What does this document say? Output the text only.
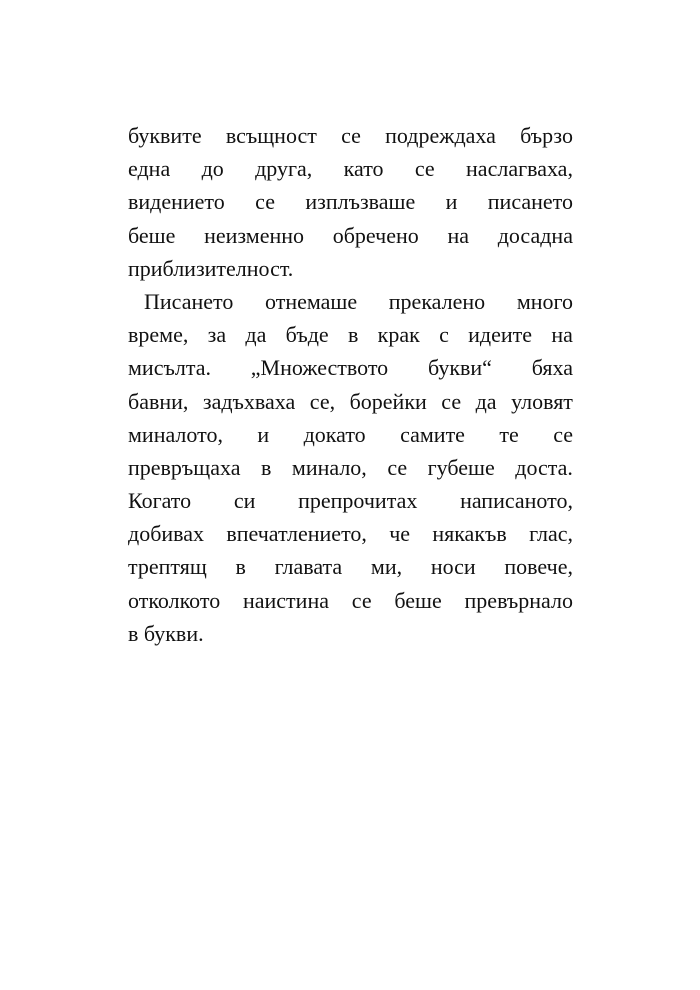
буквите всъщност се подреждаха бързо
една до друга, като се наслагваха,
видението се изплъзваше и писането
беше неизменно обречено на досадна
приблизителност.
Писането отнемаше прекалено много
време, за да бъде в крак с идеите на
мисълта. „Множеството букви“ бяха
бавни, задъхваха се, борейки се да уловят
миналото, и докато самите те се
превръщаха в минало, се губеше доста.
Когато си препрочитах написаното,
добивах впечатлението, че някакъв глас,
трептящ в главата ми, носи повече,
отколкото наистина се беше превърнало
в букви.
